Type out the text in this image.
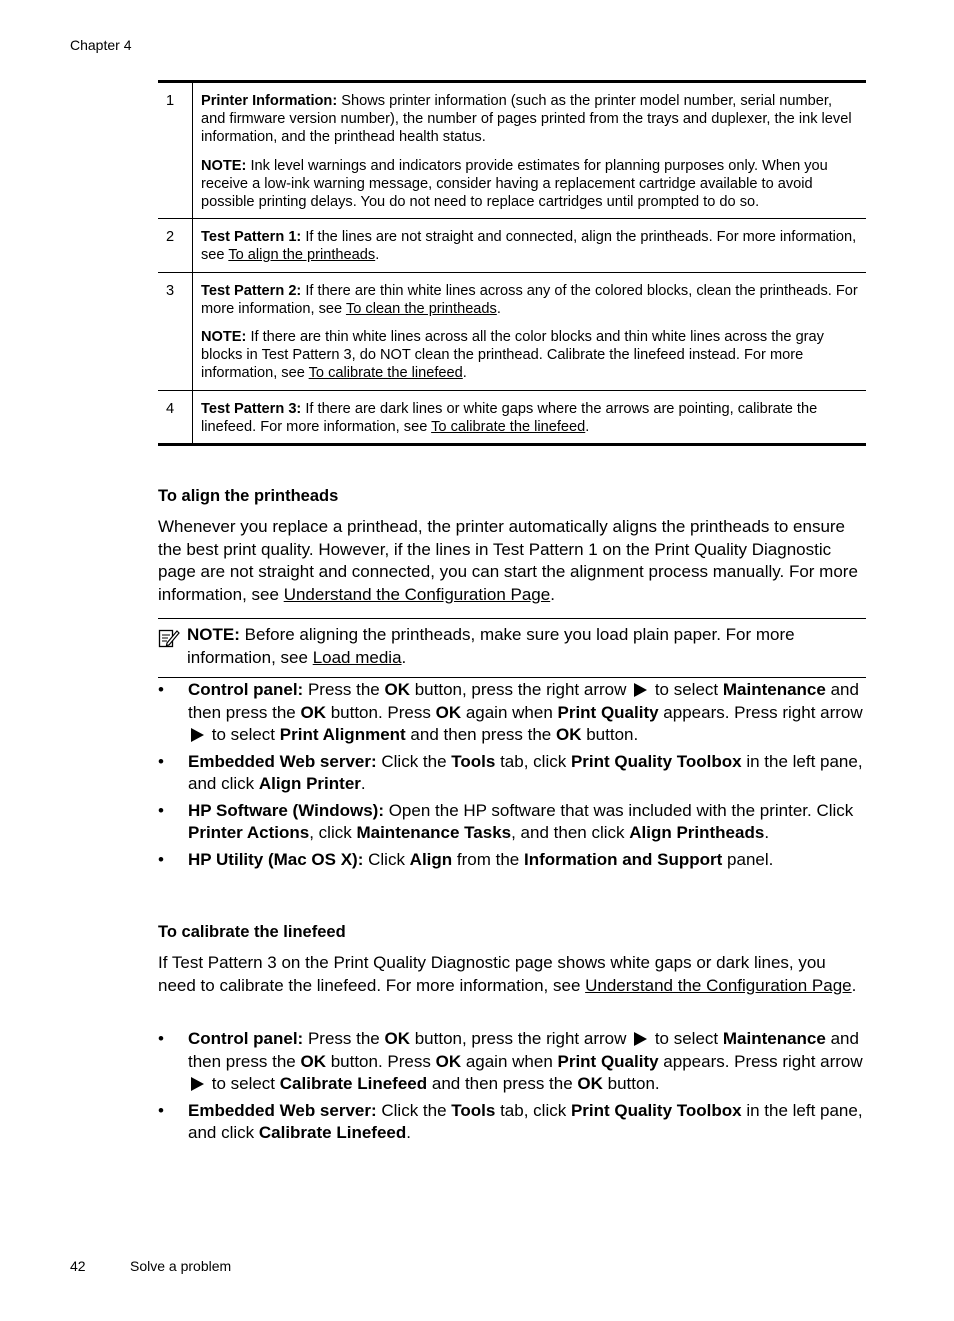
Chapter 4
1	Printer Information: Shows printer information (such as the printer model number, serial number, and firmware version number), the number of pages printed from the trays and duplexer, the ink level information, and the printhead health status.

NOTE: Ink level warnings and indicators provide estimates for planning purposes only. When you receive a low-ink warning message, consider having a replacement cartridge available to avoid possible printing delays. You do not need to replace cartridges until prompted to do so.

2	Test Pattern 1: If the lines are not straight and connected, align the printheads. For more information, see To align the printheads.

3	Test Pattern 2: If there are thin white lines across any of the colored blocks, clean the printheads. For more information, see To clean the printheads.

NOTE: If there are thin white lines across all the color blocks and thin white lines across the gray blocks in Test Pattern 3, do NOT clean the printhead. Calibrate the linefeed instead. For more information, see To calibrate the linefeed.

4	Test Pattern 3: If there are dark lines or white gaps where the arrows are pointing, calibrate the linefeed. For more information, see To calibrate the linefeed.

To align the printheads

Whenever you replace a printhead, the printer automatically aligns the printheads to ensure the best print quality. However, if the lines in Test Pattern 1 on the Print Quality Diagnostic page are not straight and connected, you can start the alignment process manually. For more information, see Understand the Configuration Page.

NOTE: Before aligning the printheads, make sure you load plain paper. For more information, see Load media.
• Control panel: Press the OK button, press the right arrow  to select Maintenance and then press the OK button. Press OK again when Print Quality appears. Press right arrow  to select Print Alignment and then press the OK button.
• Embedded Web server: Click the Tools tab, click Print Quality Toolbox in the left pane, and click Align Printer.
• HP Software (Windows): Open the HP software that was included with the printer. Click Printer Actions, click Maintenance Tasks, and then click Align Printheads.
• HP Utility (Mac OS X): Click Align from the Information and Support panel.
To calibrate the linefeed

If Test Pattern 3 on the Print Quality Diagnostic page shows white gaps or dark lines, you need to calibrate the linefeed. For more information, see Understand the Configuration Page.

• Control panel: Press the OK button, press the right arrow  to select Maintenance and then press the OK button. Press OK again when Print Quality appears. Press right arrow  to select Calibrate Linefeed and then press the OK button.
• Embedded Web server: Click the Tools tab, click Print Quality Toolbox in the left pane, and click Calibrate Linefeed.
42	Solve a problem
